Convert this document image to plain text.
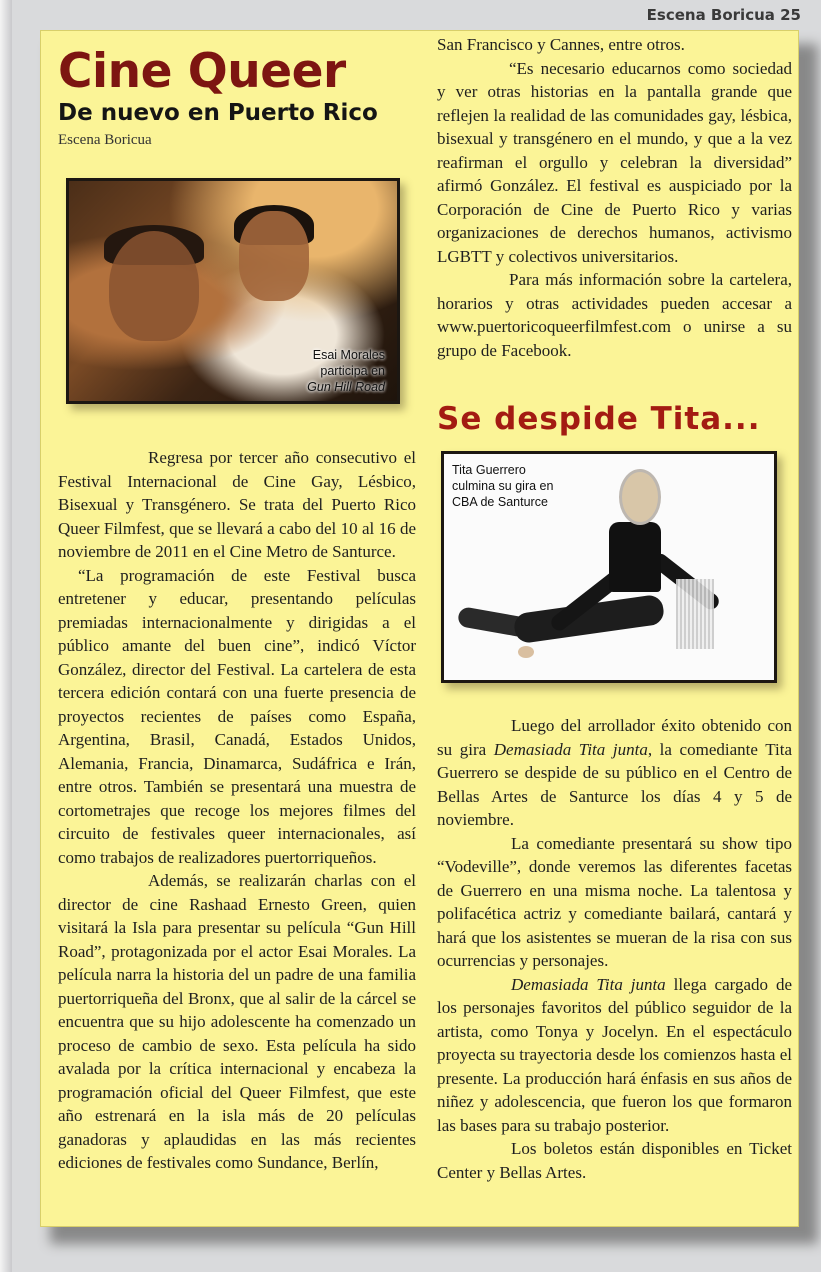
Escena Boricua 25
Cine Queer
De nuevo en Puerto Rico

Escena Boricua

Esai Morales
participa en
Gun Hill Road

Regresa por tercer año consecutivo el Festival Internacional de Cine Gay, Lésbico, Bisexual y Transgénero. Se trata del Puerto Rico Queer Filmfest, que se llevará a cabo del 10 al 16 de noviembre de 2011 en el Cine Metro de Santurce.

“La programación de este Festival busca entretener y educar, presentando películas premiadas internacionalmente y dirigidas a el público amante del buen cine”, indicó Víctor González, director del Festival. La cartelera de esta tercera edición contará con una fuerte presencia de proyectos recientes de países como España, Argentina, Brasil, Canadá, Estados Unidos, Alemania, Francia, Dinamarca, Sudáfrica e Irán, entre otros. También se presentará una muestra de cortometrajes que recoge los mejores filmes del circuito de festivales queer internacionales, así como trabajos de realizadores puertorriqueños.

Además, se realizarán charlas con el director de cine Rashaad Ernesto Green, quien visitará la Isla para presentar su película “Gun Hill Road”, protagonizada por el actor Esai Morales. La película narra la historia del un padre de una familia puertorriqueña del Bronx, que al salir de la cárcel se encuentra que su hijo adolescente ha comenzado un proceso de cambio de sexo. Esta película ha sido avalada por la crítica internacional y encabeza la programación oficial del Queer Filmfest, que este año estrenará en la isla más de 20 películas ganadoras y aplaudidas en las más recientes ediciones de festivales como Sundance, Berlín,

San Francisco y Cannes, entre otros.

“Es necesario educarnos como sociedad y ver otras historias en la pantalla grande que reflejen la realidad de las comunidades gay, lésbica, bisexual y transgénero en el mundo, y que a la vez reafirman el orgullo y celebran la diversidad” afirmó González. El festival es auspiciado por la Corporación de Cine de Puerto Rico y varias organizaciones de derechos humanos, activismo LGBTT y colectivos universitarios.

Para más información sobre la cartelera, horarios y otras actividades pueden accesar a www.puertoricoqueerfilmfest.com o unirse a su grupo de Facebook.

Se despide Tita...
Tita Guerrero
culmina su gira en
CBA de Santurce

Luego del arrollador éxito obtenido con su gira Demasiada Tita junta, la comediante Tita Guerrero se despide de su público en el Centro de Bellas Artes de Santurce los días 4 y 5 de noviembre.

La comediante presentará su show tipo “Vodeville”, donde veremos las diferentes facetas de Guerrero en una misma noche. La talentosa y polifacética actriz y comediante bailará, cantará y hará que los asistentes se mueran de la risa con sus ocurrencias y personajes.

Demasiada Tita junta llega cargado de los personajes favoritos del público seguidor de la artista, como Tonya y Jocelyn. En el espectáculo proyecta su trayectoria desde los comienzos hasta el presente. La producción hará énfasis en sus años de niñez y adolescencia, que fueron los que formaron las bases para su trabajo posterior.

Los boletos están disponibles en Ticket Center y Bellas Artes.
